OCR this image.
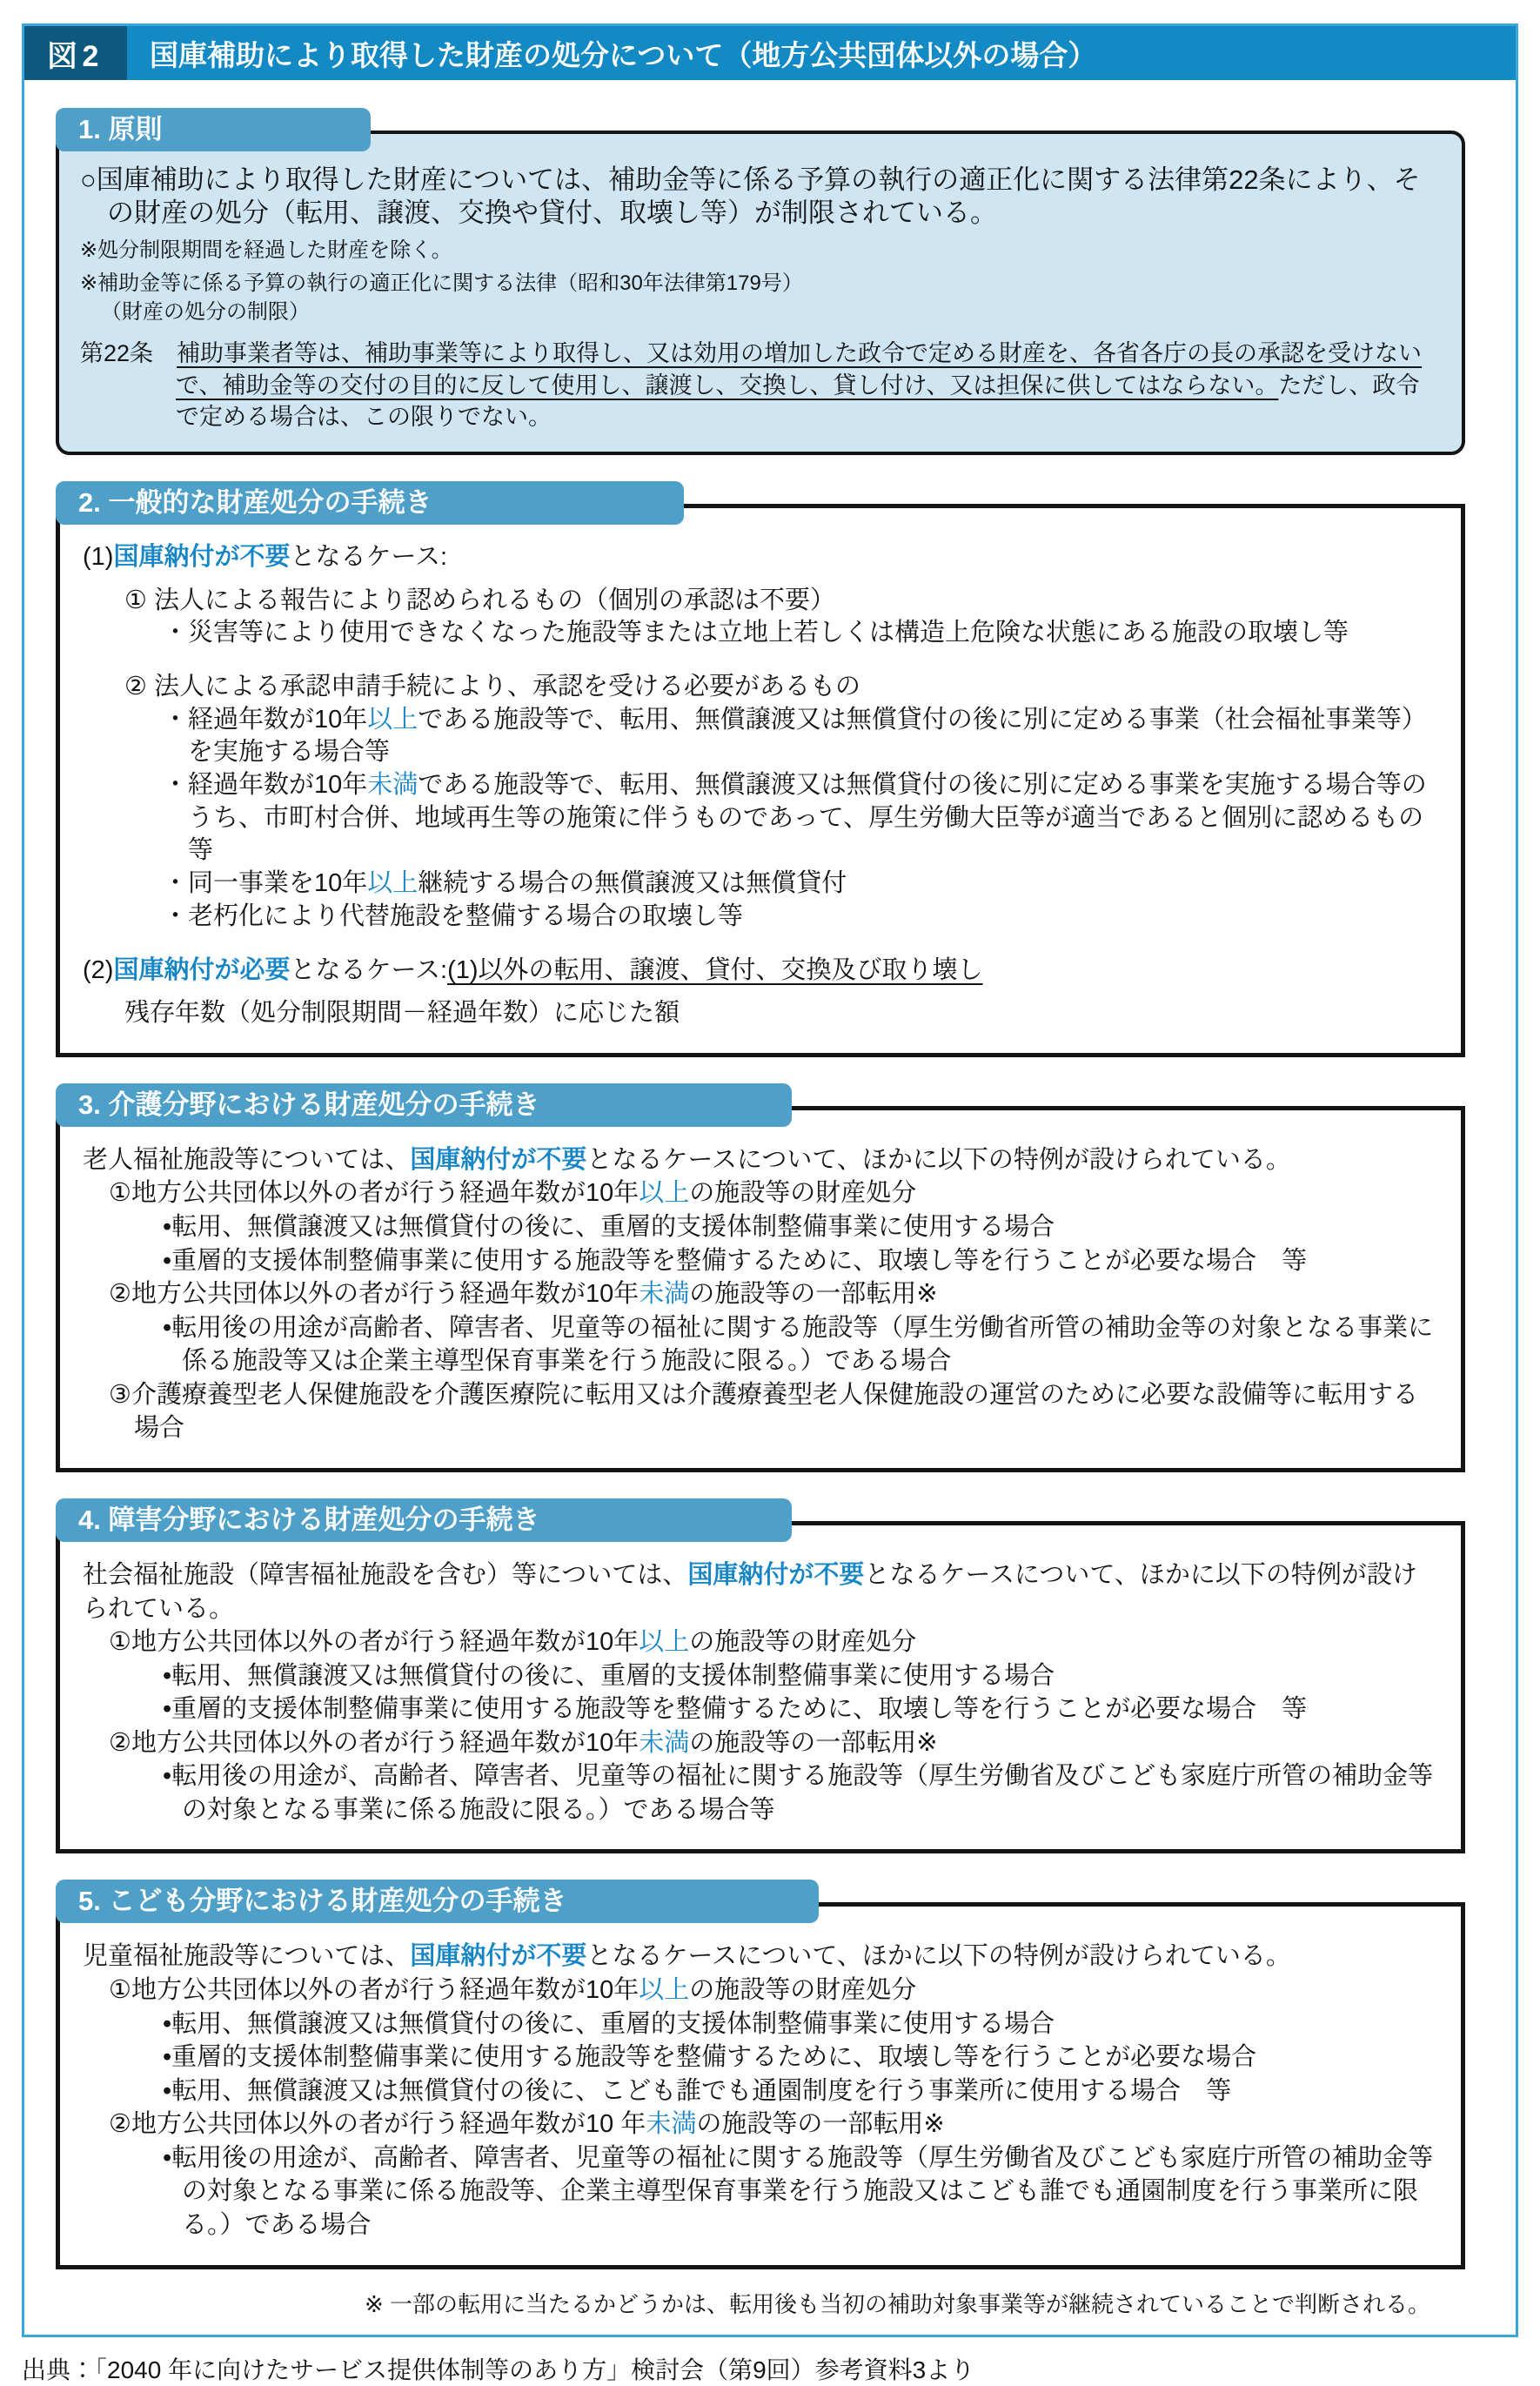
図2	国庫補助により取得した財産の処分について（地方公共団体以外の場合）
1. 原則
○国庫補助により取得した財産については、補助金等に係る予算の執行の適正化に関する法律第22条により、その財産の処分（転用、譲渡、交換や貸付、取壊し等）が制限されている。
※処分制限期間を経過した財産を除く。
※補助金等に係る予算の執行の適正化に関する法律（昭和30年法律第179号）
（財産の処分の制限）
第22条　補助事業者等は、補助事業等により取得し、又は効用の増加した政令で定める財産を、各省各庁の長の承認を受けないで、補助金等の交付の目的に反して使用し、譲渡し、交換し、貸し付け、又は担保に供してはならない。ただし、政令で定める場合は、この限りでない。
2. 一般的な財産処分の手続き
(1)国庫納付が不要となるケース:
① 法人による報告により認められるもの（個別の承認は不要）
・災害等により使用できなくなった施設等または立地上若しくは構造上危険な状態にある施設の取壊し等
② 法人による承認申請手続により、承認を受ける必要があるもの
・経過年数が10年以上である施設等で、転用、無償譲渡又は無償貸付の後に別に定める事業（社会福祉事業等）を実施する場合等
・経過年数が10年未満である施設等で、転用、無償譲渡又は無償貸付の後に別に定める事業を実施する場合等のうち、市町村合併、地域再生等の施策に伴うものであって、厚生労働大臣等が適当であると個別に認めるもの等
・同一事業を10年以上継続する場合の無償譲渡又は無償貸付
・老朽化により代替施設を整備する場合の取壊し等
(2)国庫納付が必要となるケース:(1)以外の転用、譲渡、貸付、交換及び取り壊し
残存年数（処分制限期間－経過年数）に応じた額
3. 介護分野における財産処分の手続き
老人福祉施設等については、国庫納付が不要となるケースについて、ほかに以下の特例が設けられている。
①地方公共団体以外の者が行う経過年数が10年以上の施設等の財産処分
•転用、無償譲渡又は無償貸付の後に、重層的支援体制整備事業に使用する場合
•重層的支援体制整備事業に使用する施設等を整備するために、取壊し等を行うことが必要な場合　等
②地方公共団体以外の者が行う経過年数が10年未満の施設等の一部転用※
•転用後の用途が高齢者、障害者、児童等の福祉に関する施設等（厚生労働省所管の補助金等の対象となる事業に係る施設等又は企業主導型保育事業を行う施設に限る。）である場合
③介護療養型老人保健施設を介護医療院に転用又は介護療養型老人保健施設の運営のために必要な設備等に転用する場合
4. 障害分野における財産処分の手続き
社会福祉施設（障害福祉施設を含む）等については、国庫納付が不要となるケースについて、ほかに以下の特例が設けられている。
①地方公共団体以外の者が行う経過年数が10年以上の施設等の財産処分
•転用、無償譲渡又は無償貸付の後に、重層的支援体制整備事業に使用する場合
•重層的支援体制整備事業に使用する施設等を整備するために、取壊し等を行うことが必要な場合　等
②地方公共団体以外の者が行う経過年数が10年未満の施設等の一部転用※
•転用後の用途が、高齢者、障害者、児童等の福祉に関する施設等（厚生労働省及びこども家庭庁所管の補助金等の対象となる事業に係る施設に限る。）である場合等
5. こども分野における財産処分の手続き
児童福祉施設等については、国庫納付が不要となるケースについて、ほかに以下の特例が設けられている。
①地方公共団体以外の者が行う経過年数が10年以上の施設等の財産処分
•転用、無償譲渡又は無償貸付の後に、重層的支援体制整備事業に使用する場合
•重層的支援体制整備事業に使用する施設等を整備するために、取壊し等を行うことが必要な場合
•転用、無償譲渡又は無償貸付の後に、こども誰でも通園制度を行う事業所に使用する場合　等
②地方公共団体以外の者が行う経過年数が10 年未満の施設等の一部転用※
•転用後の用途が、高齢者、障害者、児童等の福祉に関する施設等（厚生労働省及びこども家庭庁所管の補助金等の対象となる事業に係る施設等、企業主導型保育事業を行う施設又はこども誰でも通園制度を行う事業所に限る。）である場合
※ 一部の転用に当たるかどうかは、転用後も当初の補助対象事業等が継続されていることで判断される。
出典：「2040 年に向けたサービス提供体制等のあり方」検討会（第9回）参考資料3より
